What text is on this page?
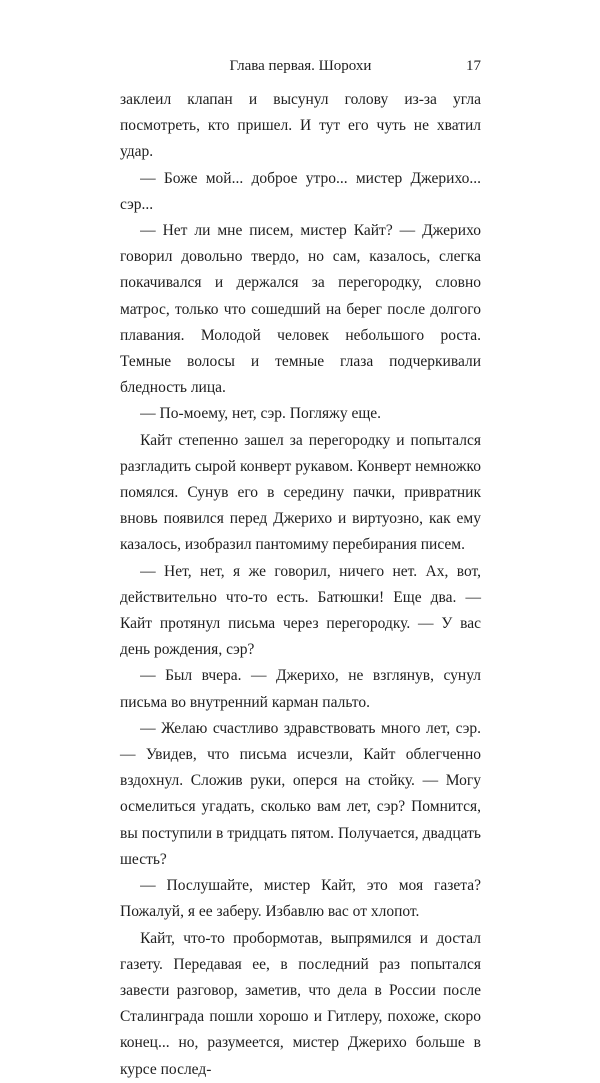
Глава первая. Шорохи	17

заклеил клапан и высунул голову из-за угла посмотреть, кто пришел. И тут его чуть не хватил удар.

— Боже мой... доброе утро... мистер Джерихо... сэр...

— Нет ли мне писем, мистер Кайт? — Джерихо говорил довольно твердо, но сам, казалось, слегка покачивался и держался за перегородку, словно матрос, только что сошедший на берег после долгого плавания. Молодой человек небольшого роста. Темные волосы и темные глаза подчеркивали бледность лица.

— По-моему, нет, сэр. Погляжу еще.

Кайт степенно зашел за перегородку и попытался разгладить сырой конверт рукавом. Конверт немножко помялся. Сунув его в середину пачки, привратник вновь появился перед Джерихо и виртуозно, как ему казалось, изобразил пантомиму перебирания писем.

— Нет, нет, я же говорил, ничего нет. Ах, вот, действительно что-то есть. Батюшки! Еще два. — Кайт протянул письма через перегородку. — У вас день рождения, сэр?

— Был вчера. — Джерихо, не взглянув, сунул письма во внутренний карман пальто.

— Желаю счастливо здравствовать много лет, сэр. — Увидев, что письма исчезли, Кайт облегченно вздохнул. Сложив руки, оперся на стойку. — Могу осмелиться угадать, сколько вам лет, сэр? Помнится, вы поступили в тридцать пятом. Получается, двадцать шесть?

— Послушайте, мистер Кайт, это моя газета? Пожалуй, я ее заберу. Избавлю вас от хлопот.

Кайт, что-то пробормотав, выпрямился и достал газету. Передавая ее, в последний раз попытался завести разговор, заметив, что дела в России после Сталинграда пошли хорошо и Гитлеру, похоже, скоро конец... но, разумеется, мистер Джерихо больше в курсе послед-
